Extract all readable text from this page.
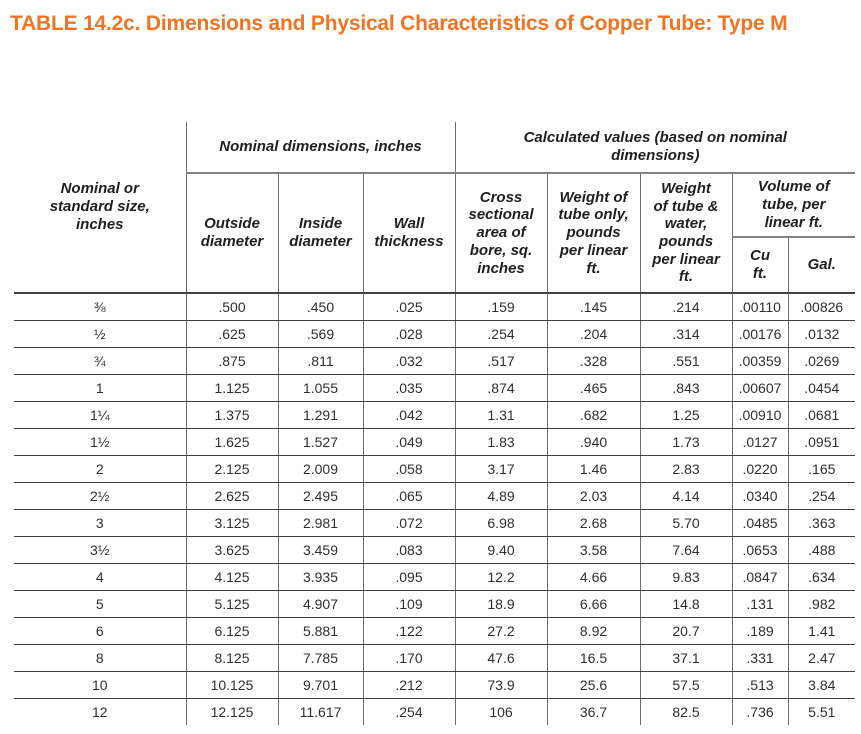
TABLE 14.2c. Dimensions and Physical Characteristics of Copper Tube: Type M
Nominal or standard size, inches	Nominal dimensions, inches			Calculated values (based on nominal dimensions)				
	Outside diameter	Inside diameter	Wall thickness	Cross sectional area of bore, sq. inches	Weight of tube only, pounds per linear ft.	Weight of tube & water, pounds per linear ft.	Volume of tube, per linear ft.	
							Cu ft.	Gal.
⅜	.500	.450	.025	.159	.145	.214	.00110	.00826
½	.625	.569	.028	.254	.204	.314	.00176	.0132
¾	.875	.811	.032	.517	.328	.551	.00359	.0269
1	1.125	1.055	.035	.874	.465	.843	.00607	.0454
1¼	1.375	1.291	.042	1.31	.682	1.25	.00910	.0681
1½	1.625	1.527	.049	1.83	.940	1.73	.0127	.0951
2	2.125	2.009	.058	3.17	1.46	2.83	.0220	.165
2½	2.625	2.495	.065	4.89	2.03	4.14	.0340	.254
3	3.125	2.981	.072	6.98	2.68	5.70	.0485	.363
3½	3.625	3.459	.083	9.40	3.58	7.64	.0653	.488
4	4.125	3.935	.095	12.2	4.66	9.83	.0847	.634
5	5.125	4.907	.109	18.9	6.66	14.8	.131	.982
6	6.125	5.881	.122	27.2	8.92	20.7	.189	1.41
8	8.125	7.785	.170	47.6	16.5	37.1	.331	2.47
10	10.125	9.701	.212	73.9	25.6	57.5	.513	3.84
12	12.125	11.617	.254	106	36.7	82.5	.736	5.51
